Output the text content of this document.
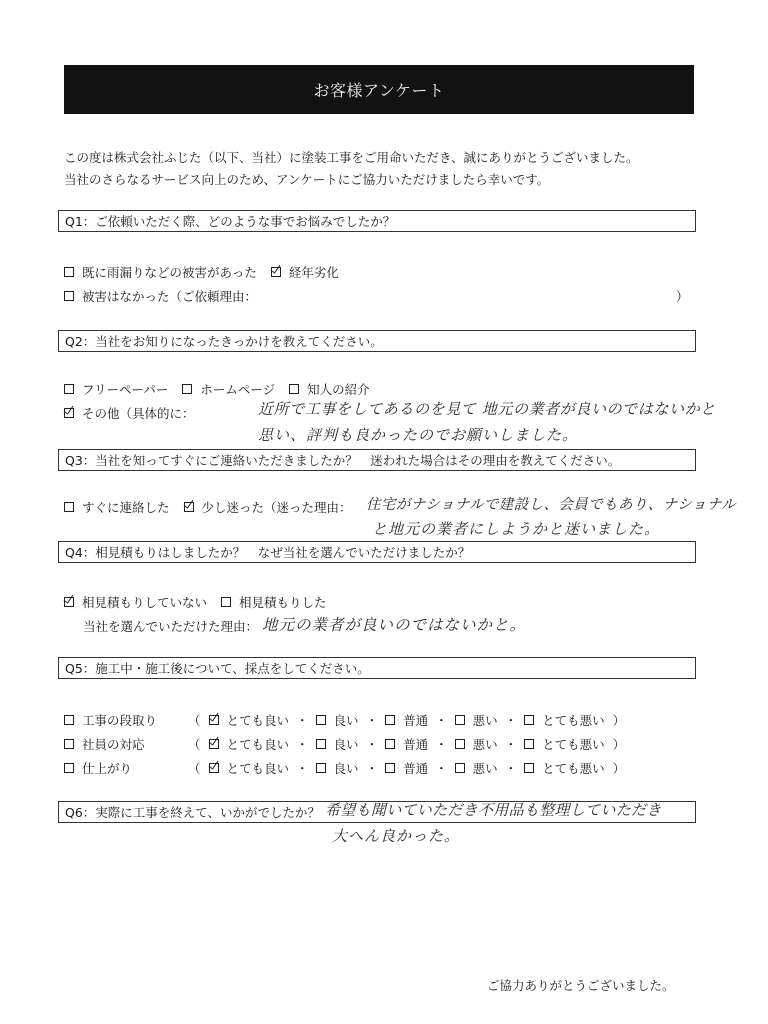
お客様アンケート
この度は株式会社ふじた（以下、当社）に塗装工事をご用命いただき、誠にありがとうございました。
当社のさらなるサービス向上のため、アンケートにご協力いただけましたら幸いです。
Q1：ご依頼いただく際、どのような事でお悩みでしたか？
既に雨漏りなどの被害があった	経年劣化
被害はなかった（ご依頼理由：	）
Q2：当社をお知りになったきっかけを教えてください。
フリーペーパー	ホームページ	知人の紹介
その他（具体的に：	近所で工事をしてあるのを見て 地元の業者が良いのではないかと
思い、評判も良かったのでお願いしました。
Q3：当社を知ってすぐにご連絡いただきましたか？　迷われた場合はその理由を教えてください。
すぐに連絡した	少し迷った（迷った理由： 住宅がナショナルで建設し、会員でもあり、ナショナル
と地元の業者にしようかと迷いました。
Q4：相見積もりはしましたか？　なぜ当社を選んでいただけましたか？
相見積もりしていない	相見積もりした
当社を選んでいただけた理由： 地元の業者が良いのではないかと。
Q5：施工中・施工後について、採点をしてください。
工事の段取り	（ とても良い ・ 良い ・ 普通 ・ 悪い ・ とても悪い ）
社員の対応	（ とても良い ・ 良い ・ 普通 ・ 悪い ・ とても悪い ）
仕上がり	（ とても良い ・ 良い ・ 普通 ・ 悪い ・ とても悪い ）
Q6：実際に工事を終えて、いかがでしたか？ 希望も聞いていただき不用品も整理していただき
大へん良かった。
ご協力ありがとうございました。
